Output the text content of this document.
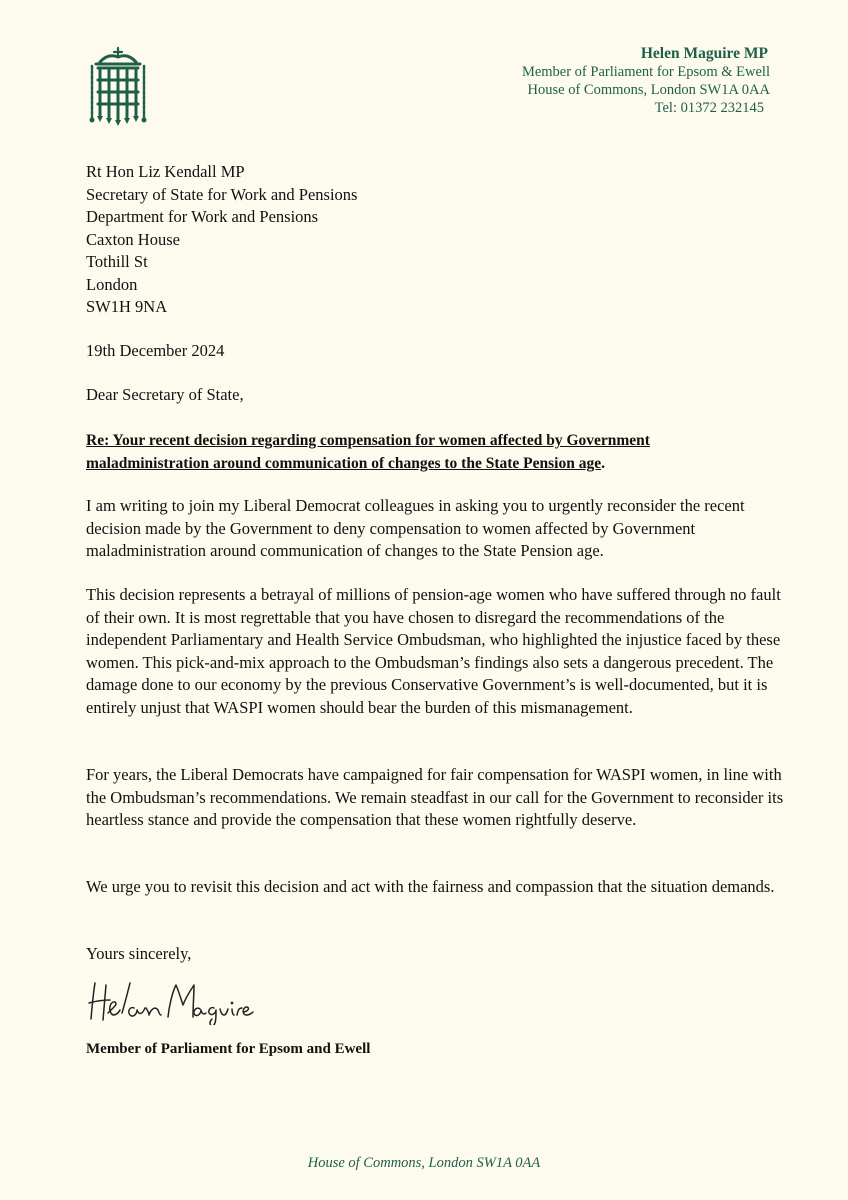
Helen Maguire MP
Member of Parliament for Epsom & Ewell
House of Commons, London SW1A 0AA
Tel: 01372 232145
Rt Hon Liz Kendall MP
Secretary of State for Work and Pensions
Department for Work and Pensions
Caxton House
Tothill St
London
SW1H 9NA
19th December 2024
Dear Secretary of State,
Re: Your recent decision regarding compensation for women affected by Government maladministration around communication of changes to the State Pension age.
I am writing to join my Liberal Democrat colleagues in asking you to urgently reconsider the recent decision made by the Government to deny compensation to women affected by Government maladministration around communication of changes to the State Pension age.
This decision represents a betrayal of millions of pension-age women who have suffered through no fault of their own. It is most regrettable that you have chosen to disregard the recommendations of the independent Parliamentary and Health Service Ombudsman, who highlighted the injustice faced by these women. This pick-and-mix approach to the Ombudsman’s findings also sets a dangerous precedent. The damage done to our economy by the previous Conservative Government’s is well-documented, but it is entirely unjust that WASPI women should bear the burden of this mismanagement.
For years, the Liberal Democrats have campaigned for fair compensation for WASPI women, in line with the Ombudsman’s recommendations. We remain steadfast in our call for the Government to reconsider its heartless stance and provide the compensation that these women rightfully deserve.
We urge you to revisit this decision and act with the fairness and compassion that the situation demands.
Yours sincerely,
Member of Parliament for Epsom and Ewell
House of Commons, London SW1A 0AA
